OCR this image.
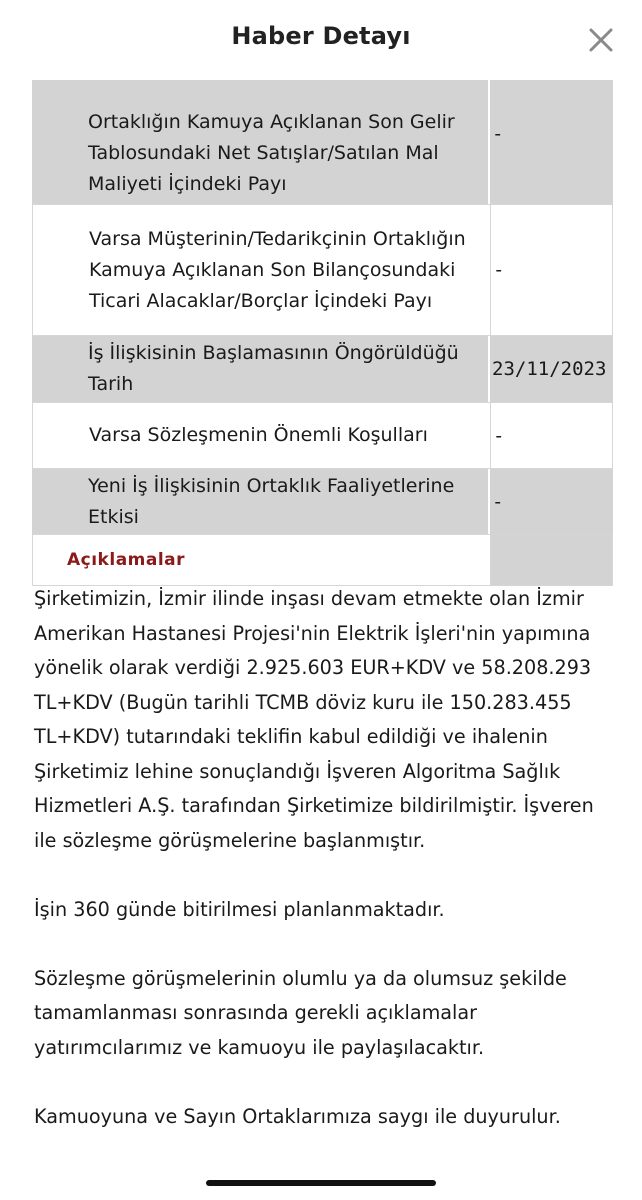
Haber Detayı
Ortaklığın Kamuya Açıklanan Son Gelir Tablosundaki Net Satışlar/Satılan Mal Maliyeti İçindeki Payı
-
Varsa Müşterinin/Tedarikçinin Ortaklığın Kamuya Açıklanan Son Bilançosundaki Ticari Alacaklar/Borçlar İçindeki Payı
-
İş İlişkisinin Başlamasının Öngörüldüğü Tarih
23/11/2023
Varsa Sözleşmenin Önemli Koşulları	-
Yeni İş İlişkisinin Ortaklık Faaliyetlerine Etkisi
-
Açıklamalar

Şirketimizin, İzmir ilinde inşası devam etmekte olan İzmir Amerikan Hastanesi Projesi'nin Elektrik İşleri'nin yapımına yönelik olarak verdiği 2.925.603 EUR+KDV ve 58.208.293 TL+KDV (Bugün tarihli TCMB döviz kuru ile 150.283.455 TL+KDV) tutarındaki teklifin kabul edildiği ve ihalenin Şirketimiz lehine sonuçlandığı İşveren Algoritma Sağlık Hizmetleri A.Ş. tarafından Şirketimize bildirilmiştir. İşveren ile sözleşme görüşmelerine başlanmıştır.

İşin 360 günde bitirilmesi planlanmaktadır.

Sözleşme görüşmelerinin olumlu ya da olumsuz şekilde tamamlanması sonrasında gerekli açıklamalar yatırımcılarımız ve kamuoyu ile paylaşılacaktır.

Kamuoyuna ve Sayın Ortaklarımıza saygı ile duyurulur.
